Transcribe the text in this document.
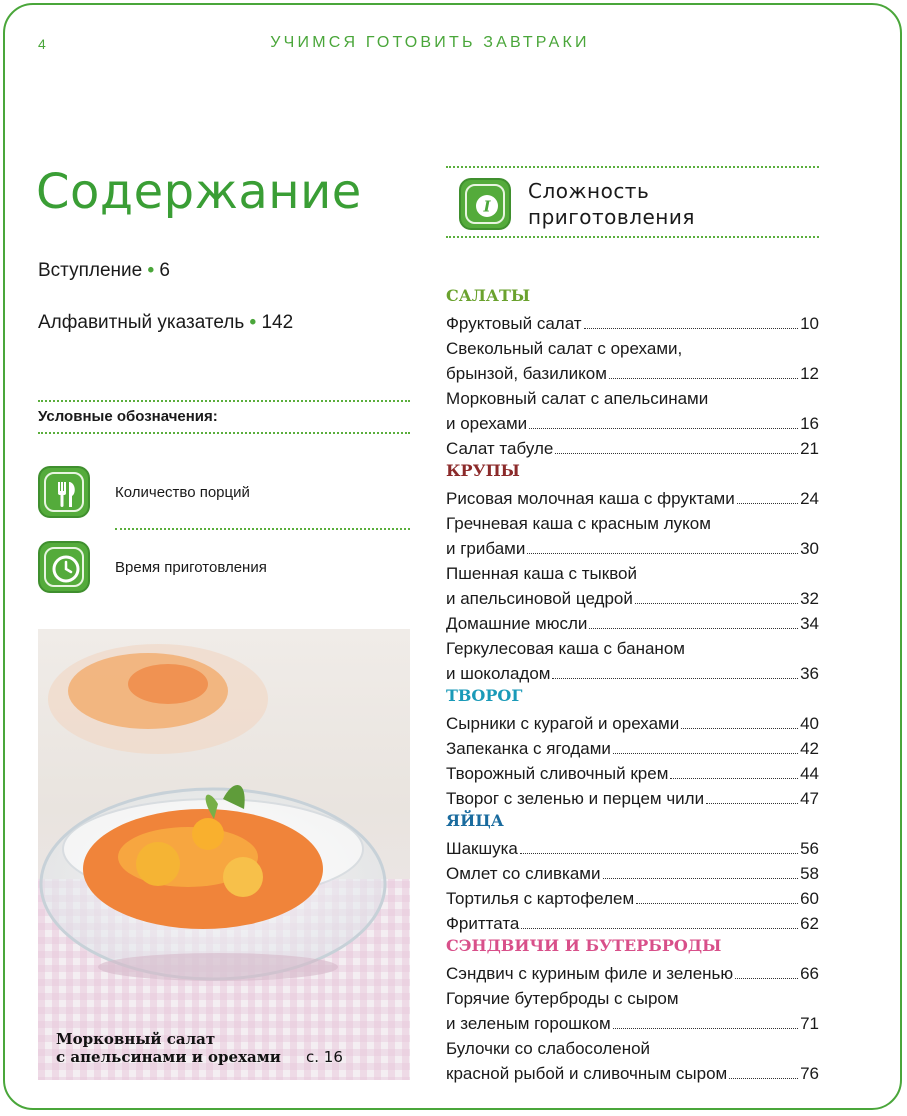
4	УЧИМСЯ ГОТОВИТЬ ЗАВТРАКИ
Содержание
Вступление • 6
Алфавитный указатель • 142
Условные обозначения:
Количество порций
Время приготовления
Морковный салат
с апельсинами и орехами с. 16
I
Сложность
приготовления
САЛАТЫ
Фруктовый салат	10
Свекольный салат с орехами,
брынзой, базиликом	12
Морковный салат с апельсинами
и орехами	16
Салат табуле	21
КРУПЫ
Рисовая молочная каша с фруктами	24
Гречневая каша с красным луком
и грибами	30
Пшенная каша с тыквой
и апельсиновой цедрой	32
Домашние мюсли	34
Геркулесовая каша с бананом
и шоколадом	36
ТВОРОГ
Сырники с курагой и орехами	40
Запеканка с ягодами	42
Творожный сливочный крем	44
Творог с зеленью и перцем чили	47
ЯЙЦА
Шакшука	56
Омлет со сливками	58
Тортилья с картофелем	60
Фриттата	62
СЭНДВИЧИ И БУТЕРБРОДЫ
Сэндвич с куриным филе и зеленью	66
Горячие бутерброды с сыром
и зеленым горошком	71
Булочки со слабосоленой
красной рыбой и сливочным сыром	76
